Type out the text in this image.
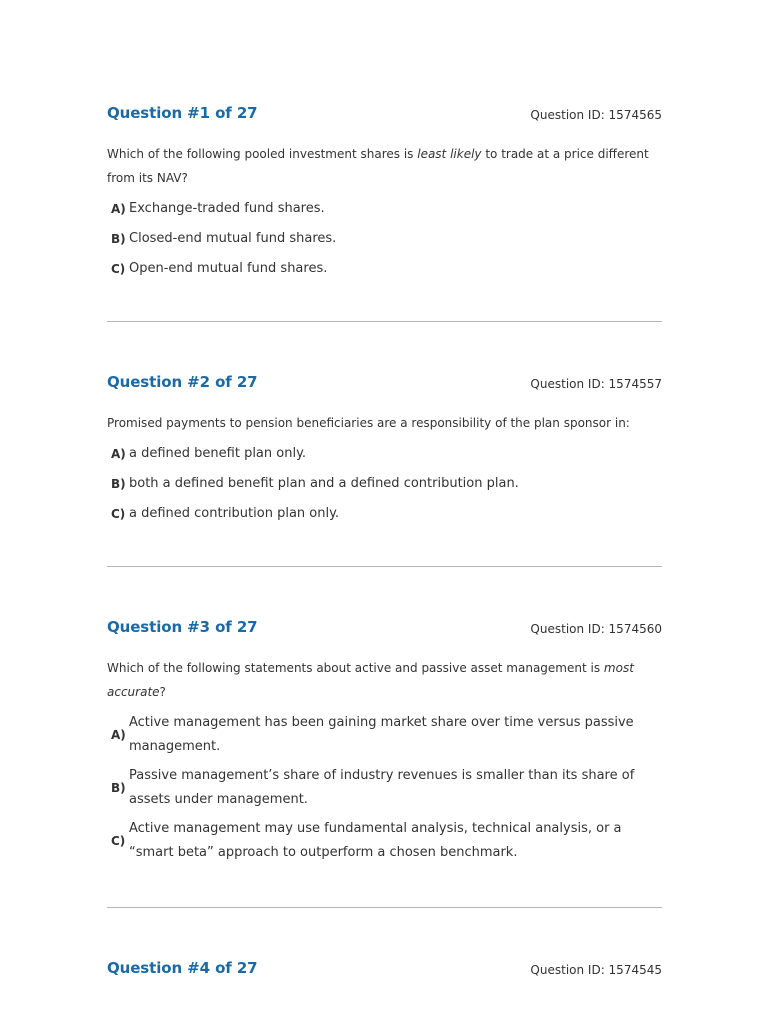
Question #1 of 27	Question ID: 1574565
Which of the following pooled investment shares is least likely to trade at a price different from its NAV?
A) Exchange-traded fund shares.
B) Closed-end mutual fund shares.
C) Open-end mutual fund shares.
Question #2 of 27	Question ID: 1574557
Promised payments to pension beneficiaries are a responsibility of the plan sponsor in:
A) a defined benefit plan only.
B) both a defined benefit plan and a defined contribution plan.
C) a defined contribution plan only.
Question #3 of 27	Question ID: 1574560
Which of the following statements about active and passive asset management is most accurate?
A)
Active management has been gaining market share over time versus passive management.
B)
Passive management’s share of industry revenues is smaller than its share of assets under management.
C)
Active management may use fundamental analysis, technical analysis, or a “smart beta” approach to outperform a chosen benchmark.
Question #4 of 27	Question ID: 1574545
